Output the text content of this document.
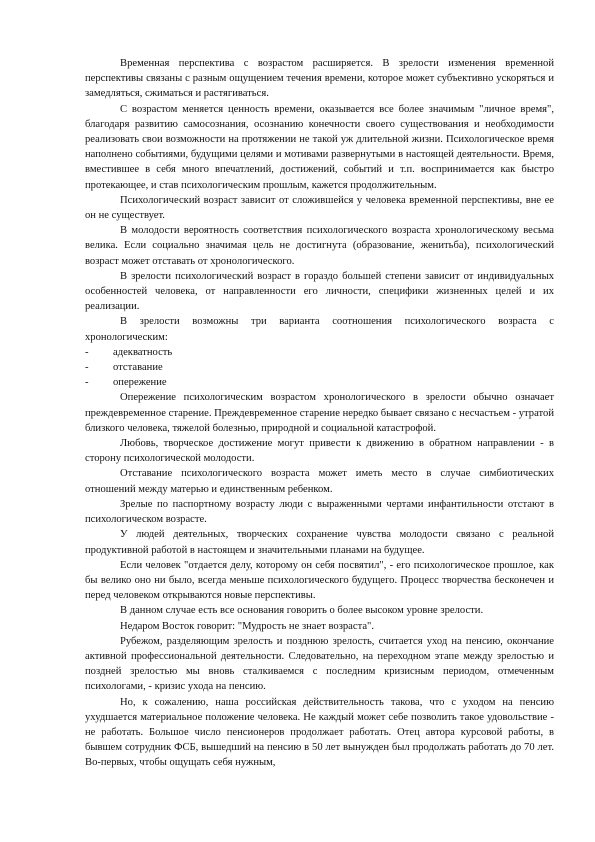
Временная перспектива с возрастом расширяется. В зрелости изменения временной перспективы связаны с разным ощущением течения времени, которое может субъективно ускоряться и замедляться, сжиматься и растягиваться.

С возрастом меняется ценность времени, оказывается все более значимым "личное время", благодаря развитию самосознания, осознанию конечности своего существования и необходимости реализовать свои возможности на протяжении не такой уж длительной жизни. Психологическое время наполнено событиями, будущими целями и мотивами развернутыми в настоящей деятельности. Время, вместившее в себя много впечатлений, достижений, событий и т.п. воспринимается как быстро протекающее, и став психологическим прошлым, кажется продолжительным.

Психологический возраст зависит от сложившейся у человека временной перспективы, вне ее он не существует.

В молодости вероятность соответствия психологического возраста хронологическому весьма велика. Если социально значимая цель не достигнута (образование, женитьба), психологический возраст может отставать от хронологического.

В зрелости психологический возраст в гораздо большей степени зависит от индивидуальных особенностей человека, от направленности его личности, специфики жизненных целей и их реализации.

В зрелости возможны три варианта соотношения психологического возраста с хронологическим:

- адекватность
- отставание
- опережение

Опережение психологическим возрастом хронологического в зрелости обычно означает преждевременное старение. Преждевременное старение нередко бывает связано с несчастьем - утратой близкого человека, тяжелой болезнью, природной и социальной катастрофой.

Любовь, творческое достижение могут привести к движению в обратном направлении - в сторону психологической молодости.

Отставание психологического возраста может иметь место в случае симбиотических отношений между матерью и единственным ребенком.

Зрелые по паспортному возрасту люди с выраженными чертами инфантильности отстают в психологическом возрасте.

У людей деятельных, творческих сохранение чувства молодости связано с реальной продуктивной работой в настоящем и значительными планами на будущее.

Если человек "отдается делу, которому он себя посвятил", - его психологическое прошлое, как бы велико оно ни было, всегда меньше психологического будущего. Процесс творчества бесконечен и перед человеком открываются новые перспективы.

В данном случае есть все основания говорить о более высоком уровне зрелости.

Недаром Восток говорит: "Мудрость не знает возраста".

Рубежом, разделяющим зрелость и позднюю зрелость, считается уход на пенсию, окончание активной профессиональной деятельности. Следовательно, на переходном этапе между зрелостью и поздней зрелостью мы вновь сталкиваемся с последним кризисным периодом, отмеченным психологами, - кризис ухода на пенсию.

Но, к сожалению, наша российская действительность такова, что с уходом на пенсию ухудшается материальное положение человека. Не каждый может себе позволить такое удовольствие - не работать. Большое число пенсионеров продолжает работать. Отец автора курсовой работы, в бывшем сотрудник ФСБ, вышедший на пенсию в 50 лет вынужден был продолжать работать до 70 лет. Во-первых, чтобы ощущать себя нужным,
